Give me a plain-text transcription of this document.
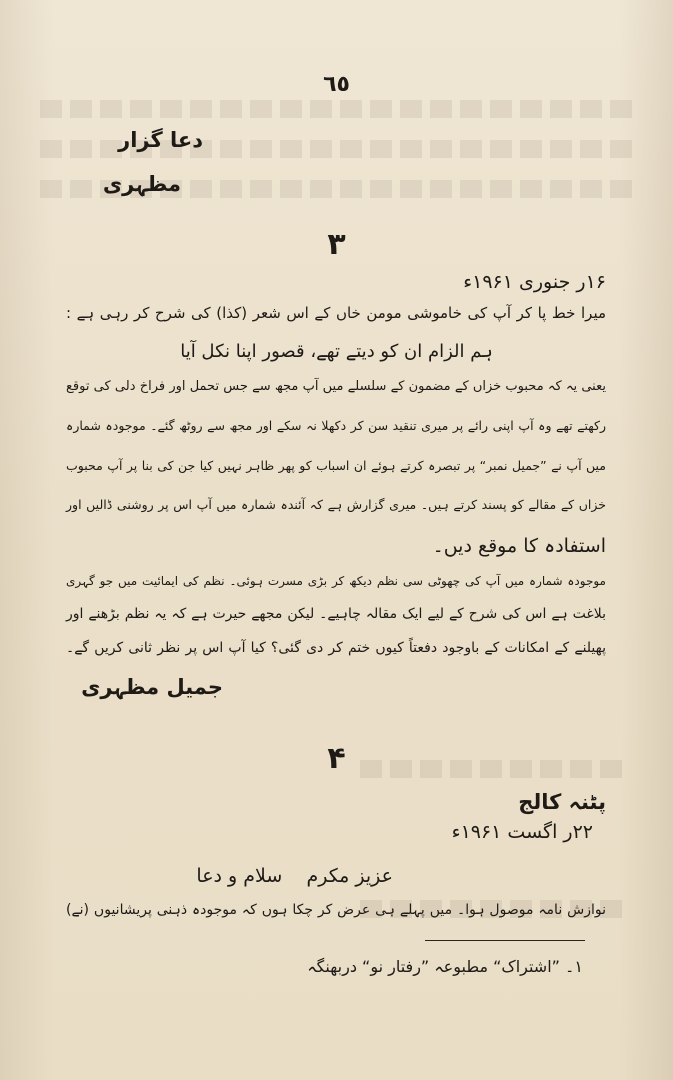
٦٥
دعا گزار
مظہری
۳
۱۶ر جنوری ۱۹۶۱ء
میرا خط پا کر آپ کی خاموشی مومن خاں کے اس شعر (کذا) کی شرح کر رہی ہے :
ہم الزام ان کو دیتے تھے، قصور اپنا نکل آیا
یعنی یہ کہ محبوب خزاں کے مضمون کے سلسلے میں آپ مجھ سے جس تحمل اور فراخ دلی کی توقع
رکھتے تھے وہ آپ اپنی رائے پر میری تنقید سن کر دکھلا نہ سکے اور مجھ سے روٹھ گئے۔ موجودہ شمارہ
میں آپ نے ”جمیل نمبر“ پر تبصرہ کرتے ہوئے ان اسباب کو پھر ظاہر نہیں کیا جن کی بنا پر آپ محبوب
خزاں کے مقالے کو پسند کرتے ہیں۔ میری گزارش ہے کہ آئندہ شمارہ میں آپ اس پر روشنی ڈالیں اور
استفادہ کا موقع دیں۔
موجودہ شمارہ میں آپ کی چھوٹی سی نظم دیکھ کر بڑی مسرت ہوئی۔ نظم کی ایمائیت میں جو گہری
بلاغت ہے اس کی شرح کے لیے ایک مقالہ چاہیے۔ لیکن مجھے حیرت ہے کہ یہ نظم بڑھنے اور
پھیلنے کے امکانات کے باوجود دفعتاً کیوں ختم کر دی گئی؟ کیا آپ اس پر نظر ثانی کریں گے۔
جمیل مظہری
۴
پٹنہ کالج
۲۲ر اگست ۱۹۶۱ء
عزیز مکرم    سلام و دعا
نوازش نامہ موصول ہوا۔ میں پہلے ہی عرض کر چکا ہوں کہ موجودہ ذہنی پریشانیوں (نے)
۱۔ ”اشتراک“ مطبوعہ ”رفتار نو“ دربھنگہ
